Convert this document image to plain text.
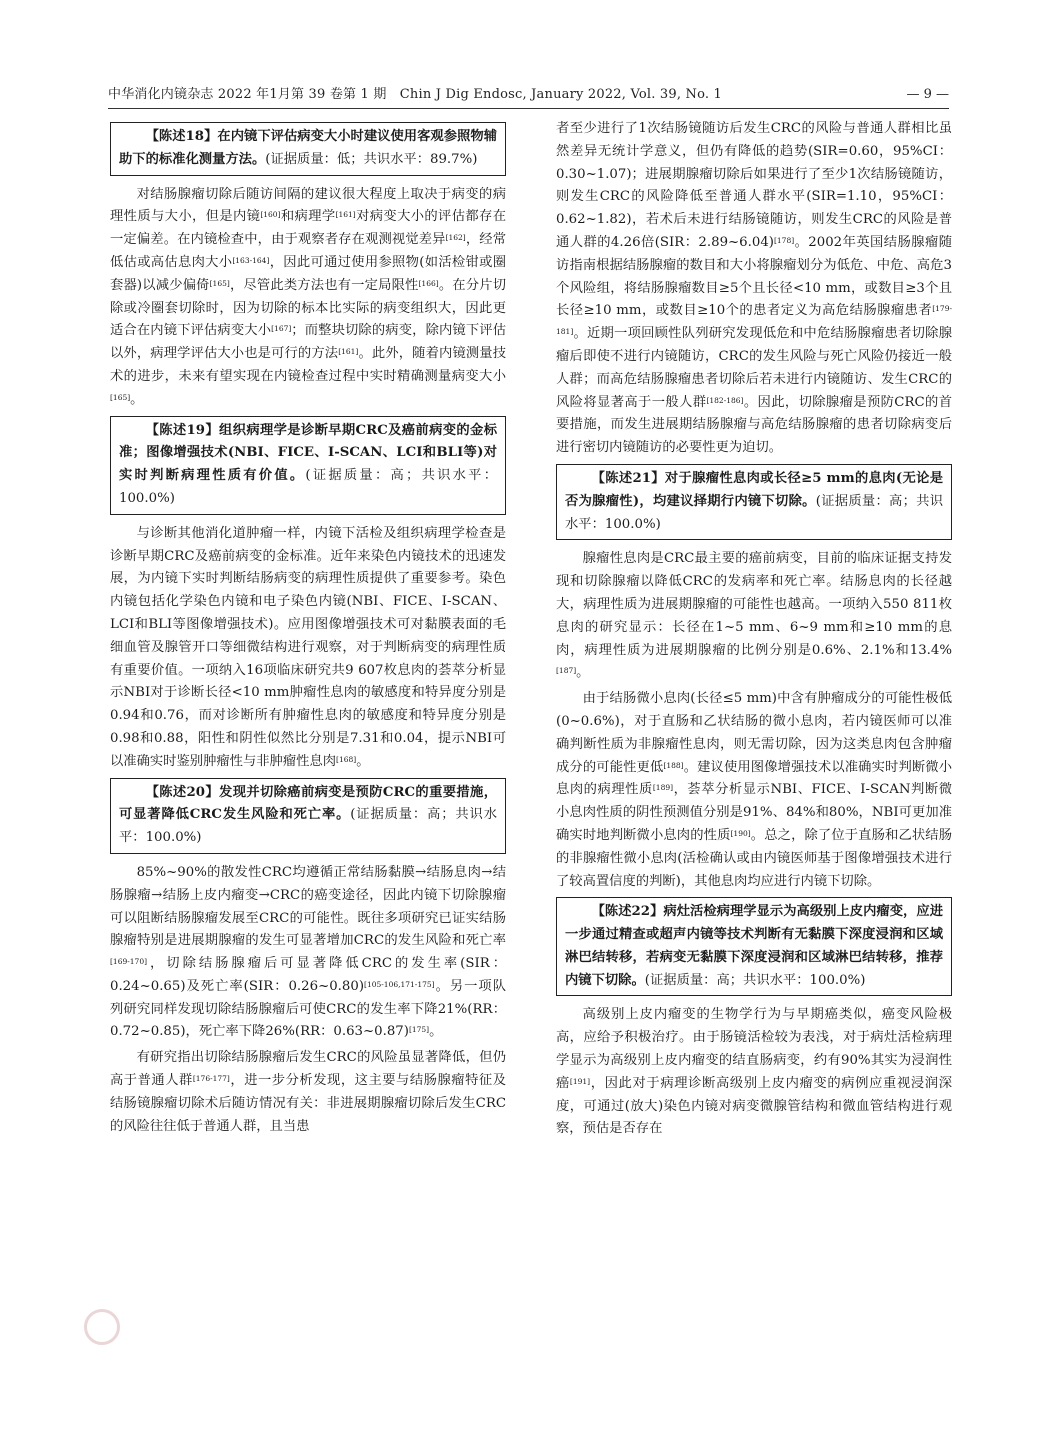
中华消化内镜杂志 2022 年1月第 39 卷第 1 期　Chin J Dig Endosc, January 2022, Vol. 39, No. 1	— 9 —
【陈述18】在内镜下评估病变大小时建议使用客观参照物辅助下的标准化测量方法。(证据质量：低；共识水平：89.7%)

对结肠腺瘤切除后随访间隔的建议很大程度上取决于病变的病理性质与大小，但是内镜[160]和病理学[161]对病变大小的评估都存在一定偏差。在内镜检查中，由于观察者存在观测视觉差异[162]，经常低估或高估息肉大小[163-164]，因此可通过使用参照物(如活检钳或圈套器)以减少偏倚[165]，尽管此类方法也有一定局限性[166]。在分片切除或冷圈套切除时，因为切除的标本比实际的病变组织大，因此更适合在内镜下评估病变大小[167]；而整块切除的病变，除内镜下评估以外，病理学评估大小也是可行的方法[161]。此外，随着内镜测量技术的进步，未来有望实现在内镜检查过程中实时精确测量病变大小[165]。

【陈述19】组织病理学是诊断早期CRC及癌前病变的金标准；图像增强技术(NBI、FICE、I-SCAN、LCI和BLI等)对实时判断病理性质有价值。(证据质量：高；共识水平：100.0%)

与诊断其他消化道肿瘤一样，内镜下活检及组织病理学检查是诊断早期CRC及癌前病变的金标准。近年来染色内镜技术的迅速发展，为内镜下实时判断结肠病变的病理性质提供了重要参考。染色内镜包括化学染色内镜和电子染色内镜(NBI、FICE、I-SCAN、LCI和BLI等图像增强技术)。应用图像增强技术可对黏膜表面的毛细血管及腺管开口等细微结构进行观察，对于判断病变的病理性质有重要价值。一项纳入16项临床研究共9 607枚息肉的荟萃分析显示NBI对于诊断长径<10 mm肿瘤性息肉的敏感度和特异度分别是0.94和0.76，而对诊断所有肿瘤性息肉的敏感度和特异度分别是0.98和0.88，阳性和阴性似然比分别是7.31和0.04，提示NBI可以准确实时鉴别肿瘤性与非肿瘤性息肉[168]。

【陈述20】发现并切除癌前病变是预防CRC的重要措施，可显著降低CRC发生风险和死亡率。(证据质量：高；共识水平：100.0%)

85%~90%的散发性CRC均遵循正常结肠黏膜→结肠息肉→结肠腺瘤→结肠上皮内瘤变→CRC的癌变途径，因此内镜下切除腺瘤可以阻断结肠腺瘤发展至CRC的可能性。既往多项研究已证实结肠腺瘤特别是进展期腺瘤的发生可显著增加CRC的发生风险和死亡率[169-170]，切除结肠腺瘤后可显著降低CRC的发生率(SIR：0.24~0.65)及死亡率(SIR：0.26~0.80)[105-106,171-175]。另一项队列研究同样发现切除结肠腺瘤后可使CRC的发生率下降21%(RR：0.72~0.85)，死亡率下降26%(RR：0.63~0.87)[175]。

有研究指出切除结肠腺瘤后发生CRC的风险虽显著降低，但仍高于普通人群[176-177]，进一步分析发现，这主要与结肠腺瘤特征及结肠镜腺瘤切除术后随访情况有关：非进展期腺瘤切除后发生CRC的风险往往低于普通人群，且当患

者至少进行了1次结肠镜随访后发生CRC的风险与普通人群相比虽然差异无统计学意义，但仍有降低的趋势(SIR=0.60，95%CI：0.30~1.07)；进展期腺瘤切除后如果进行了至少1次结肠镜随访，则发生CRC的风险降低至普通人群水平(SIR=1.10，95%CI：0.62~1.82)，若术后未进行结肠镜随访，则发生CRC的风险是普通人群的4.26倍(SIR：2.89~6.04)[178]。2002年英国结肠腺瘤随访指南根据结肠腺瘤的数目和大小将腺瘤划分为低危、中危、高危3个风险组，将结肠腺瘤数目≥5个且长径<10 mm，或数目≥3个且长径≥10 mm，或数目≥10个的患者定义为高危结肠腺瘤患者[179-181]。近期一项回顾性队列研究发现低危和中危结肠腺瘤患者切除腺瘤后即使不进行内镜随访，CRC的发生风险与死亡风险仍接近一般人群；而高危结肠腺瘤患者切除后若未进行内镜随访、发生CRC的风险将显著高于一般人群[182-186]。因此，切除腺瘤是预防CRC的首要措施，而发生进展期结肠腺瘤与高危结肠腺瘤的患者切除病变后进行密切内镜随访的必要性更为迫切。

【陈述21】对于腺瘤性息肉或长径≥5 mm的息肉(无论是否为腺瘤性)，均建议择期行内镜下切除。(证据质量：高；共识水平：100.0%)

腺瘤性息肉是CRC最主要的癌前病变，目前的临床证据支持发现和切除腺瘤以降低CRC的发病率和死亡率。结肠息肉的长径越大，病理性质为进展期腺瘤的可能性也越高。一项纳入550 811枚息肉的研究显示：长径在1~5 mm、6~9 mm和≥10 mm的息肉，病理性质为进展期腺瘤的比例分别是0.6%、2.1%和13.4%[187]。

由于结肠微小息肉(长径≤5 mm)中含有肿瘤成分的可能性极低(0~0.6%)，对于直肠和乙状结肠的微小息肉，若内镜医师可以准确判断性质为非腺瘤性息肉，则无需切除，因为这类息肉包含肿瘤成分的可能性更低[188]。建议使用图像增强技术以准确实时判断微小息肉的病理性质[189]，荟萃分析显示NBI、FICE、I-SCAN判断微小息肉性质的阴性预测值分别是91%、84%和80%，NBI可更加准确实时地判断微小息肉的性质[190]。总之，除了位于直肠和乙状结肠的非腺瘤性微小息肉(活检确认或由内镜医师基于图像增强技术进行了较高置信度的判断)，其他息肉均应进行内镜下切除。

【陈述22】病灶活检病理学显示为高级别上皮内瘤变，应进一步通过精查或超声内镜等技术判断有无黏膜下深度浸润和区域淋巴结转移，若病变无黏膜下深度浸润和区域淋巴结转移，推荐内镜下切除。(证据质量：高；共识水平：100.0%)

高级别上皮内瘤变的生物学行为与早期癌类似，癌变风险极高，应给予积极治疗。由于肠镜活检较为表浅，对于病灶活检病理学显示为高级别上皮内瘤变的结直肠病变，约有90%其实为浸润性癌[191]，因此对于病理诊断高级别上皮内瘤变的病例应重视浸润深度，可通过(放大)染色内镜对病变微腺管结构和微血管结构进行观察，预估是否存在
